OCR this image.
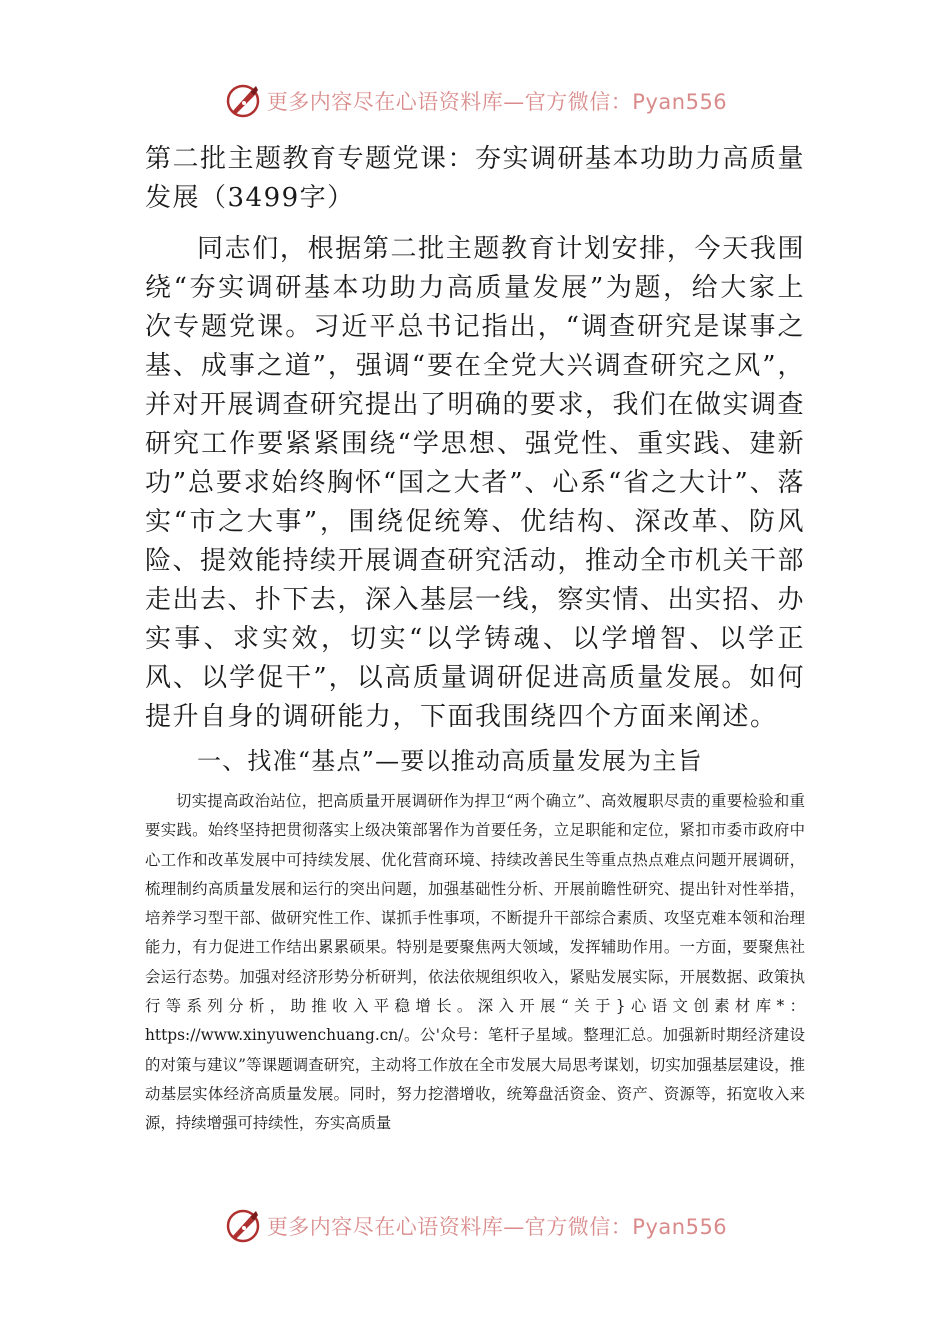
更多内容尽在心语资料库—官方微信：Pyan556
第二批主题教育专题党课：夯实调研基本功助力高质量发展（3499字）

同志们，根据第二批主题教育计划安排，今天我围绕“夯实调研基本功助力高质量发展”为题，给大家上次专题党课。习近平总书记指出，“调查研究是谋事之基、成事之道”，强调“要在全党大兴调查研究之风”，并对开展调查研究提出了明确的要求，我们在做实调查研究工作要紧紧围绕“学思想、强党性、重实践、建新功”总要求始终胸怀“国之大者”、心系“省之大计”、落实“市之大事”，围绕促统筹、优结构、深改革、防风险、提效能持续开展调查研究活动，推动全市机关干部走出去、扑下去，深入基层一线，察实情、出实招、办实事、求实效，切实“以学铸魂、以学增智、以学正风、以学促干”，以高质量调研促进高质量发展。如何提升自身的调研能力，下面我围绕四个方面来阐述。

一、找准“基点”—要以推动高质量发展为主旨

切实提高政治站位，把高质量开展调研作为捍卫“两个确立”、高效履职尽责的重要检验和重要实践。始终坚持把贯彻落实上级决策部署作为首要任务，立足职能和定位，紧扣市委市政府中心工作和改革发展中可持续发展、优化营商环境、持续改善民生等重点热点难点问题开展调研，梳理制约高质量发展和运行的突出问题，加强基础性分析、开展前瞻性研究、提出针对性举措，培养学习型干部、做研究性工作、谋抓手性事项，不断提升干部综合素质、攻坚克难本领和治理能力，有力促进工作结出累累硕果。特别是要聚焦两大领域，发挥辅助作用。一方面，要聚焦社会运行态势。加强对经济形势分析研判，依法依规组织收入，紧贴发展实际，开展数据、政策执行等系列分析，助推收入平稳增长。深入开展“关于}心语文创素材库*：https://www.xinyuwenchuang.cn/。公'众号：笔杆子星域。整理汇总。加强新时期经济建设的对策与建议”等课题调查研究，主动将工作放在全市发展大局思考谋划，切实加强基层建设，推动基层实体经济高质量发展。同时，努力挖潜增收，统筹盘活资金、资产、资源等，拓宽收入来源，持续增强可持续性，夯实高质量

更多内容尽在心语资料库—官方微信：Pyan556
